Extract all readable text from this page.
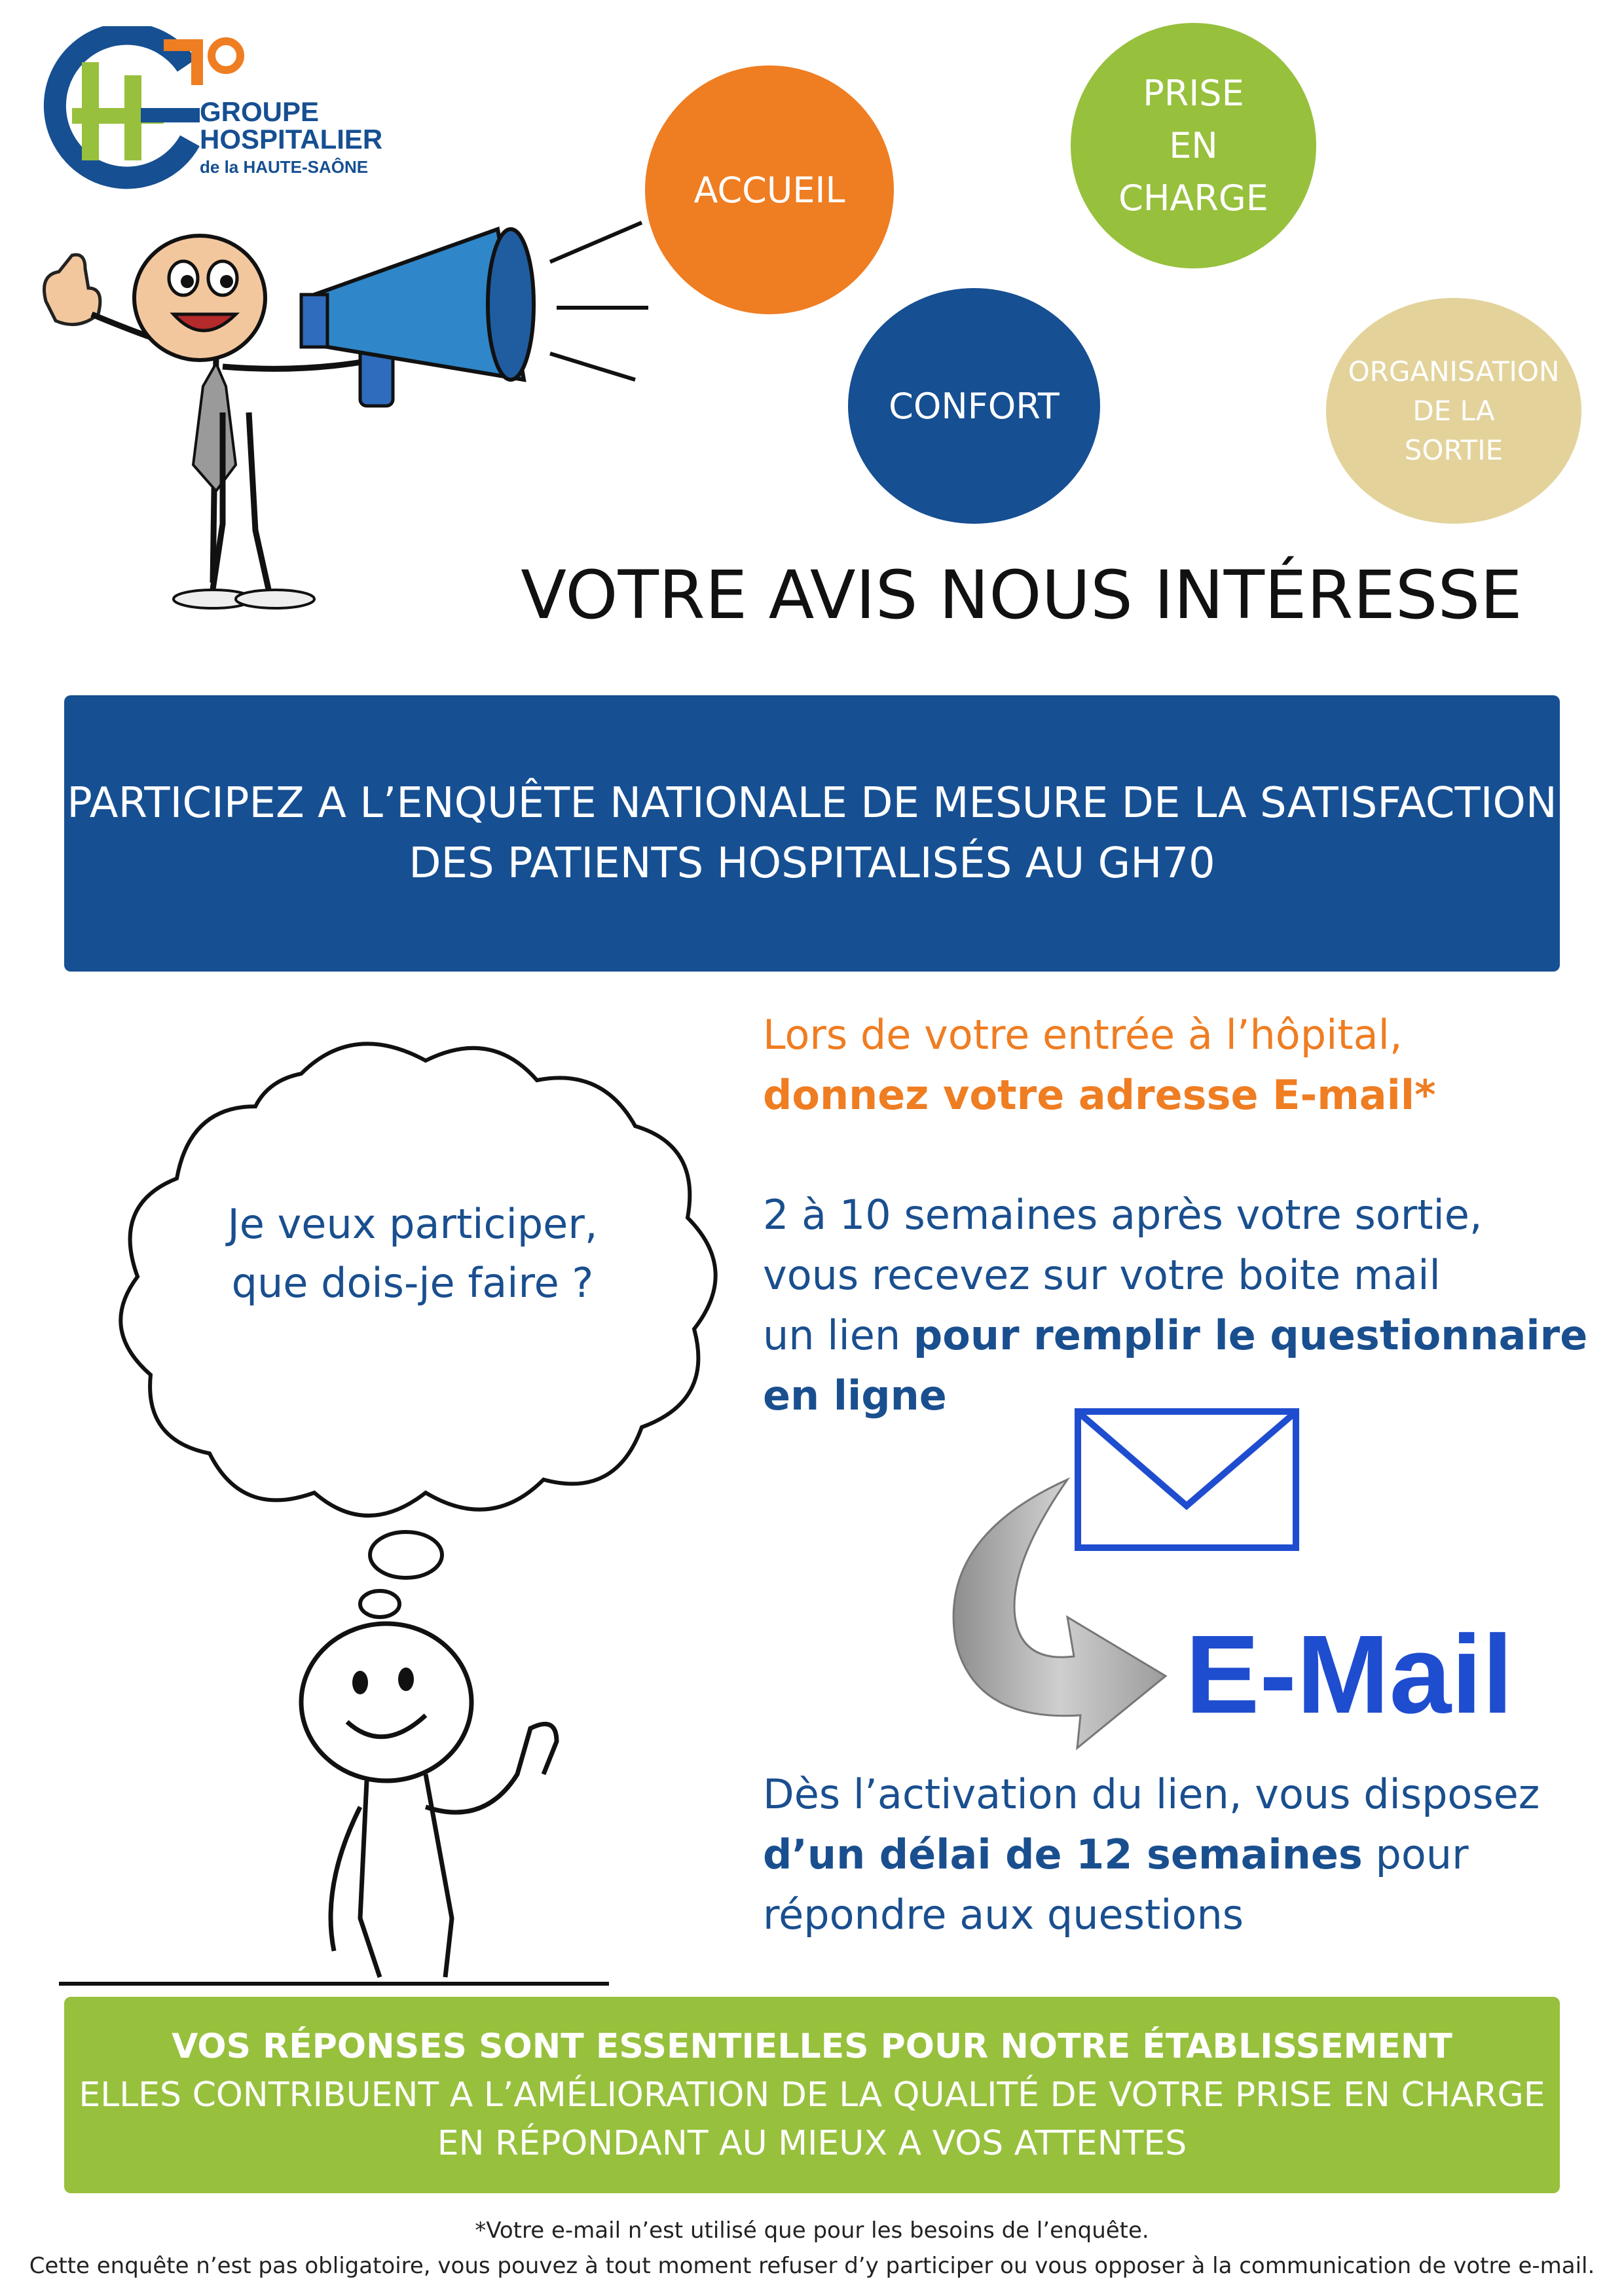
GROUPE
HOSPITALIER
de la HAUTE-SAÔNE
ACCUEIL
PRISE
EN
CHARGE
CONFORT
ORGANISATION
DE LA
SORTIE
VOTRE AVIS NOUS INTÉRESSE
PARTICIPEZ A L’ENQUÊTE NATIONALE DE MESURE DE LA SATISFACTION
DES PATIENTS HOSPITALISÉS AU GH70
Je veux participer,
que dois-je faire ?
Lors de votre entrée à l’hôpital,
donnez votre adresse E-mail*
2 à 10 semaines après votre sortie,
vous recevez sur votre boite mail
un lien pour remplir le questionnaire
en ligne
E-Mail
Dès l’activation du lien, vous disposez
d’un délai de 12 semaines pour
répondre aux questions
VOS RÉPONSES SONT ESSENTIELLES POUR NOTRE ÉTABLISSEMENT
ELLES CONTRIBUENT A L’AMÉLIORATION DE LA QUALITÉ DE VOTRE PRISE EN CHARGE
EN RÉPONDANT AU MIEUX A VOS ATTENTES
*Votre e-mail n’est utilisé que pour les besoins de l’enquête.
Cette enquête n’est pas obligatoire, vous pouvez à tout moment refuser d’y participer ou vous opposer à la communication de votre e-mail.
